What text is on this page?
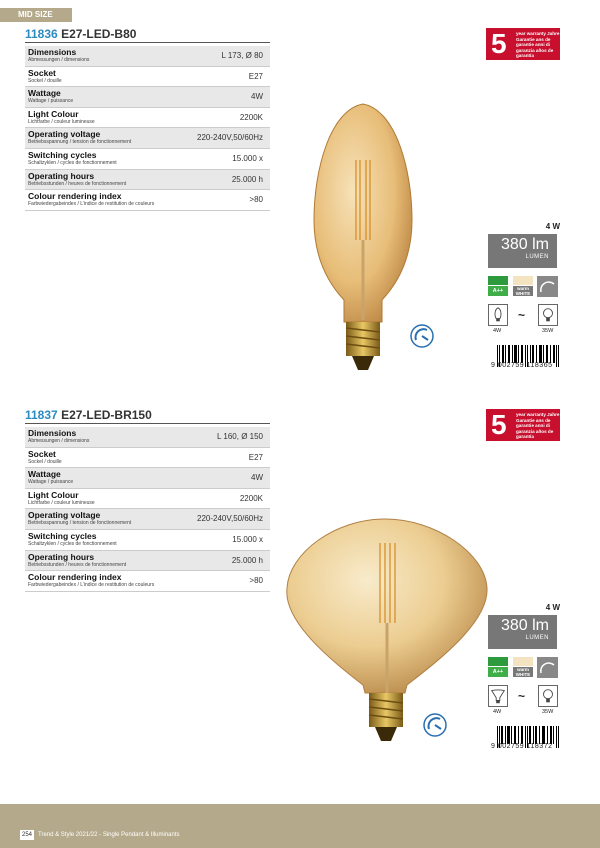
MID SIZE
11836 E27-LED-B80
Dimensions
Abmessungen / dimensions	L 173, Ø 80
Socket
Sockel / douille	E27
Wattage
Wattage / puissance	4W
Light Colour
Lichtfarbe / couleur lumineuse	2200K
Operating voltage
Betriebsspannung / tension de fonctionnement	220-240V,50/60Hz
Switching cycles
Schaltzyklen / cycles de fonctionnement	15.000 x
Operating hours
Betriebsstunden / heures de fonctionnement	25.000 h
Colour rendering index
Farbwiedergabeindex / L’indice de restitution de couleurs	>80
5 year warranty Jahre Garantie ans de garantie anni di garanzia años de garantía
4 W
380 lm
LUMEN
A++	warm WHITE
~
4W	35W
9 002759 118365
11837 E27-LED-BR150
Dimensions
Abmessungen / dimensions	L 160, Ø 150
Socket
Sockel / douille	E27
Wattage
Wattage / puissance	4W
Light Colour
Lichtfarbe / couleur lumineuse	2200K
Operating voltage
Betriebsspannung / tension de fonctionnement	220-240V,50/60Hz
Switching cycles
Schaltzyklen / cycles de fonctionnement	15.000 x
Operating hours
Betriebsstunden / heures de fonctionnement	25.000 h
Colour rendering index
Farbwiedergabeindex / L’indice de restitution de couleurs	>80
5 year warranty Jahre Garantie ans de garantie anni di garanzia años de garantía
4 W
380 lm
LUMEN
A++	warm WHITE
~
4W	35W
9 002759 118372
254	Trend & Style 2021/22 - Single Pendant & Illuminants
